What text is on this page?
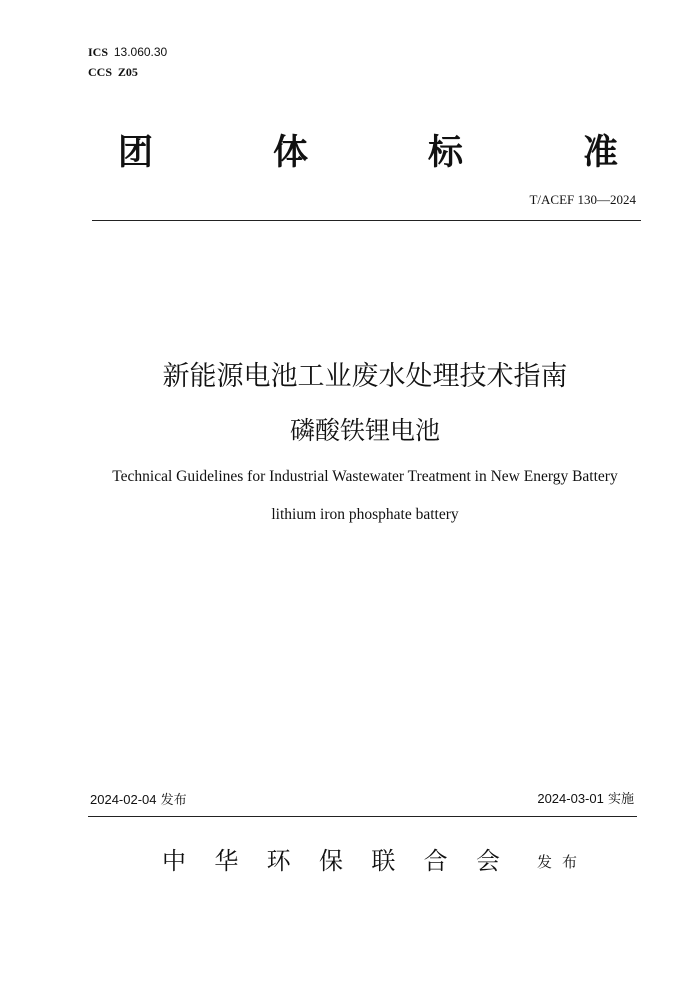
ICS 13.060.30
CCS Z05
团	体	标	准
T/ACEF 130—2024
新能源电池工业废水处理技术指南
磷酸铁锂电池
Technical Guidelines for Industrial Wastewater Treatment in New Energy Battery
lithium iron phosphate battery
2024-02-04 发布	2024-03-01 实施
中 华 环 保 联 合 会 发 布
